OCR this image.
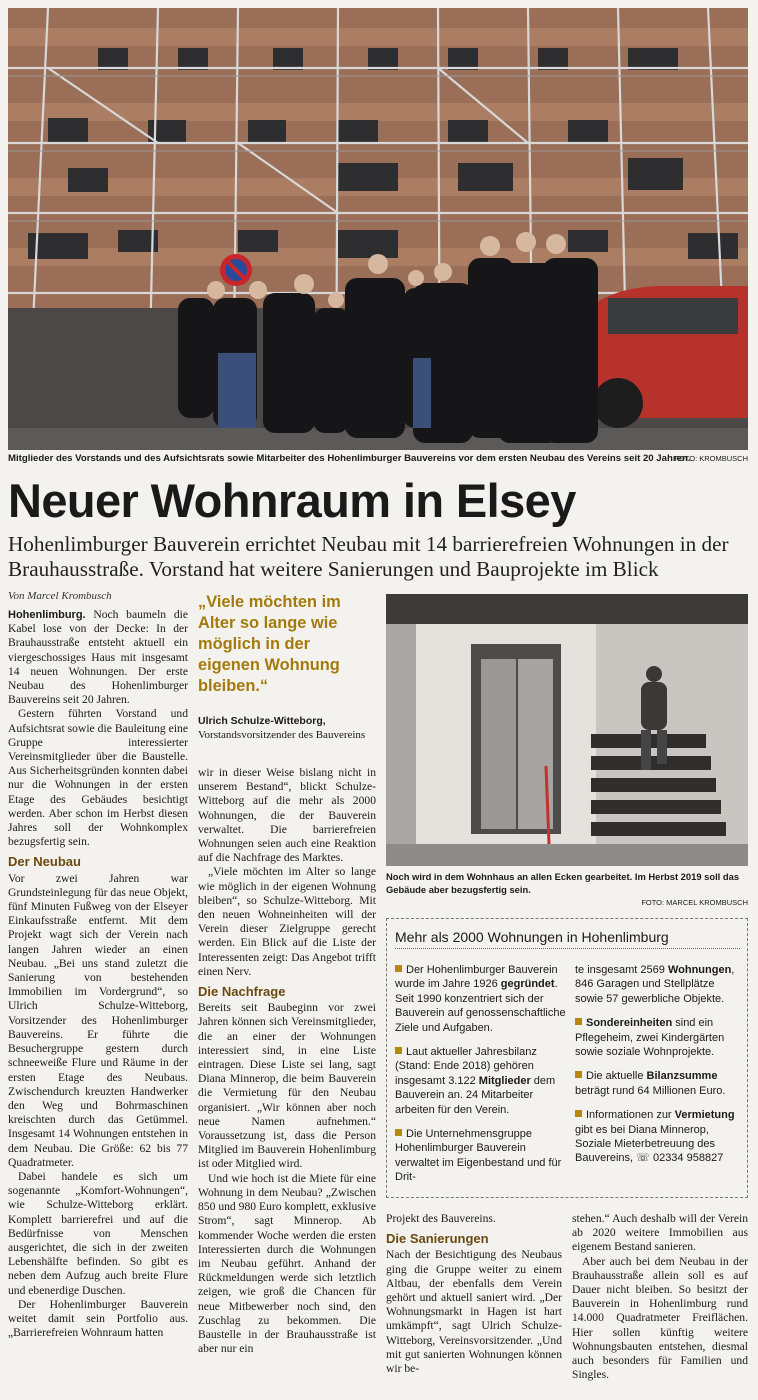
Mitglieder des Vorstands und des Aufsichtsrats sowie Mitarbeiter des Hohenlimburger Bauvereins vor dem ersten Neubau des Vereins seit 20 Jahren.
FOTO: KROMBUSCH
Neuer Wohnraum in Elsey
Hohenlimburger Bauverein errichtet Neubau mit 14 barrierefreien Wohnungen in der Brauhausstraße. Vorstand hat weitere Sanierungen und Bauprojekte im Blick
Von Marcel Krombusch

Hohenlimburg. Noch baumeln die Kabel lose von der Decke: In der Brauhausstraße entsteht aktuell ein viergeschossiges Haus mit insgesamt 14 neuen Wohnungen. Der erste Neubau des Hohenlimburger Bauvereins seit 20 Jahren.

Gestern führten Vorstand und Aufsichtsrat sowie die Bauleitung eine Gruppe interessierter Vereinsmitglieder über die Baustelle. Aus Sicherheitsgründen konnten dabei nur die Wohnungen in der ersten Etage des Gebäudes besichtigt werden. Aber schon im Herbst diesen Jahres soll der Wohnkomplex bezugsfertig sein.

Der Neubau

Vor zwei Jahren war Grundsteinlegung für das neue Objekt, fünf Minuten Fußweg von der Elseyer Einkaufsstraße entfernt. Mit dem Projekt wagt sich der Verein nach langen Jahren wieder an einen Neubau. „Bei uns stand zuletzt die Sanierung von bestehenden Immobilien im Vordergrund“, so Ulrich Schulze-Witteborg, Vorsitzender des Hohenlimburger Bauvereins. Er führte die Besuchergruppe gestern durch schneeweiße Flure und Räume in der ersten Etage des Neubaus. Zwischendurch kreuzten Handwerker den Weg und Bohrmaschinen kreischten durch das Getümmel. Insgesamt 14 Wohnungen entstehen in dem Neubau. Die Größe: 62 bis 77 Quadratmeter.

Dabei handele es sich um sogenannte „Komfort-Wohnungen“, wie Schulze-Witteborg erklärt. Komplett barrierefrei und auf die Bedürfnisse von Menschen ausgerichtet, die sich in der zweiten Lebenshälfte befinden. So gibt es neben dem Aufzug auch breite Flure und ebenerdige Duschen.

Der Hohenlimburger Bauverein weitet damit sein Portfolio aus. „Barrierefreien Wohnraum hatten

„Viele möchten im Alter so lange wie möglich in der eigenen Wohnung bleiben.“
Ulrich Schulze-Witteborg, Vorstandsvorsitzender des Bauvereins

wir in dieser Weise bislang nicht in unserem Bestand“, blickt Schulze-Witteborg auf die mehr als 2000 Wohnungen, die der Bauverein verwaltet. Die barrierefreien Wohnungen seien auch eine Reaktion auf die Nachfrage des Marktes.

„Viele möchten im Alter so lange wie möglich in der eigenen Wohnung bleiben“, so Schulze-Witteborg. Mit den neuen Wohneinheiten will der Verein dieser Zielgruppe gerecht werden. Ein Blick auf die Liste der Interessenten zeigt: Das Angebot trifft einen Nerv.

Die Nachfrage

Bereits seit Baubeginn vor zwei Jahren können sich Vereinsmitglieder, die an einer der Wohnungen interessiert sind, in eine Liste eintragen. Diese Liste sei lang, sagt Diana Minnerop, die beim Bauverein die Vermietung für den Neubau organisiert. „Wir können aber noch neue Namen aufnehmen.“ Voraussetzung ist, dass die Person Mitglied im Bauverein Hohenlimburg ist oder Mitglied wird.

Und wie hoch ist die Miete für eine Wohnung in dem Neubau? „Zwischen 850 und 980 Euro komplett, exklusive Strom“, sagt Minnerop. Ab kommender Woche werden die ersten Interessierten durch die Wohnungen im Neubau geführt. Anhand der Rückmeldungen werde sich letztlich zeigen, wie groß die Chancen für neue Mitbewerber noch sind, den Zuschlag zu bekommen. Die Baustelle in der Brauhausstraße ist aber nur ein

Noch wird in dem Wohnhaus an allen Ecken gearbeitet. Im Herbst 2019 soll das Gebäude aber bezugsfertig sein.
FOTO: MARCEL KROMBUSCH
Mehr als 2000 Wohnungen in Hohenlimburg
Der Hohenlimburger Bauverein wurde im Jahre 1926 gegründet. Seit 1990 konzentriert sich der Bauverein auf genossenschaftliche Ziele und Aufgaben.
Laut aktueller Jahresbilanz (Stand: Ende 2018) gehören insgesamt 3.122 Mitglieder dem Bauverein an. 24 Mitarbeiter arbeiten für den Verein.
Die Unternehmensgruppe Hohenlimburger Bauverein verwaltet im Eigenbestand und für Drit-
te insgesamt 2569 Wohnungen, 846 Garagen und Stellplätze sowie 57 gewerbliche Objekte.
Sondereinheiten sind ein Pflegeheim, zwei Kindergärten sowie soziale Wohnprojekte.
Die aktuelle Bilanzsumme beträgt rund 64 Millionen Euro.
Informationen zur Vermietung gibt es bei Diana Minnerop, Soziale Mieterbetreuung des Bauvereins, ☏ 02334 958827

Projekt des Bauvereins.

Die Sanierungen

Nach der Besichtigung des Neubaus ging die Gruppe weiter zu einem Altbau, der ebenfalls dem Verein gehört und aktuell saniert wird. „Der Wohnungsmarkt in Hagen ist hart umkämpft“, sagt Ulrich Schulze-Witteborg, Vereinsvorsitzender. „Und mit gut sanierten Wohnungen können wir be-

stehen.“ Auch deshalb will der Verein ab 2020 weitere Immobilien aus eigenem Bestand sanieren.

Aber auch bei dem Neubau in der Brauhausstraße allein soll es auf Dauer nicht bleiben. So besitzt der Bauverein in Hohenlimburg rund 14.000 Quadratmeter Freiflächen. Hier sollen künftig weitere Wohnungsbauten entstehen, diesmal auch besonders für Familien und Singles.
